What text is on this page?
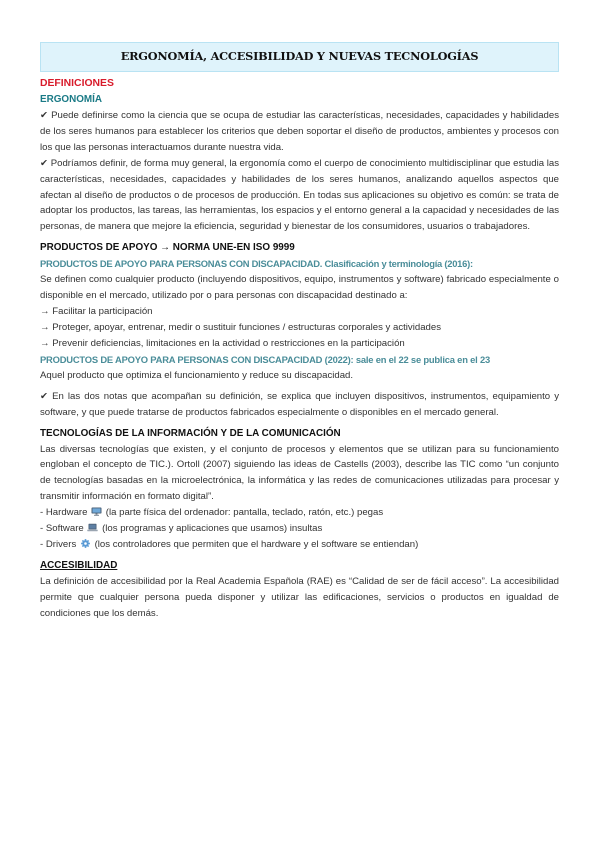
ERGONOMÍA, ACCESIBILIDAD Y NUEVAS TECNOLOGÍAS
DEFINICIONES
ERGONOMÍA

✔ Puede definirse como la ciencia que se ocupa de estudiar las características, necesidades, capacidades y habilidades de los seres humanos para establecer los criterios que deben soportar el diseño de productos, ambientes y procesos con los que las personas interactuamos durante nuestra vida.

✔ Podríamos definir, de forma muy general, la ergonomía como el cuerpo de conocimiento multidisciplinar que estudia las características, necesidades, capacidades y habilidades de los seres humanos, analizando aquellos aspectos que afectan al diseño de productos o de procesos de producción. En todas sus aplicaciones su objetivo es común: se trata de adoptar los productos, las tareas, las herramientas, los espacios y el entorno general a la capacidad y necesidades de las personas, de manera que mejore la eficiencia, seguridad y bienestar de los consumidores, usuarios o trabajadores.

PRODUCTOS DE APOYO → NORMA UNE-EN ISO 9999
PRODUCTOS DE APOYO PARA PERSONAS CON DISCAPACIDAD. Clasificación y terminología (2016):

Se definen como cualquier producto (incluyendo dispositivos, equipo, instrumentos y software) fabricado especialmente o disponible en el mercado, utilizado por o para personas con discapacidad destinado a:

→ Facilitar la participación
→ Proteger, apoyar, entrenar, medir o sustituir funciones / estructuras corporales y actividades
→ Prevenir deficiencias, limitaciones en la actividad o restricciones en la participación
PRODUCTOS DE APOYO PARA PERSONAS CON DISCAPACIDAD (2022): sale en el 22 se publica en el 23
Aquel producto que optimiza el funcionamiento y reduce su discapacidad.

✔ En las dos notas que acompañan su definición, se explica que incluyen dispositivos, instrumentos, equipamiento y software, y que puede tratarse de productos fabricados especialmente o disponibles en el mercado general.

TECNOLOGÍAS DE LA INFORMACIÓN Y DE LA COMUNICACIÓN

Las diversas tecnologías que existen, y el conjunto de procesos y elementos que se utilizan para su funcionamiento engloban el concepto de TIC.). Ortoll (2007) siguiendo las ideas de Castells (2003), describe las TIC como “un conjunto de tecnologías basadas en la microelectrónica, la informática y las redes de comunicaciones utilizadas para procesar y transmitir información en formato digital”.

- Hardware (la parte física del ordenador: pantalla, teclado, ratón, etc.) pegas
- Software (los programas y aplicaciones que usamos) insultas
- Drivers (los controladores que permiten que el hardware y el software se entiendan)
ACCESIBILIDAD

La definición de accesibilidad por la Real Academia Española (RAE) es “Calidad de ser de fácil acceso”. La accesibilidad permite que cualquier persona pueda disponer y utilizar las edificaciones, servicios o productos en igualdad de condiciones que los demás.
